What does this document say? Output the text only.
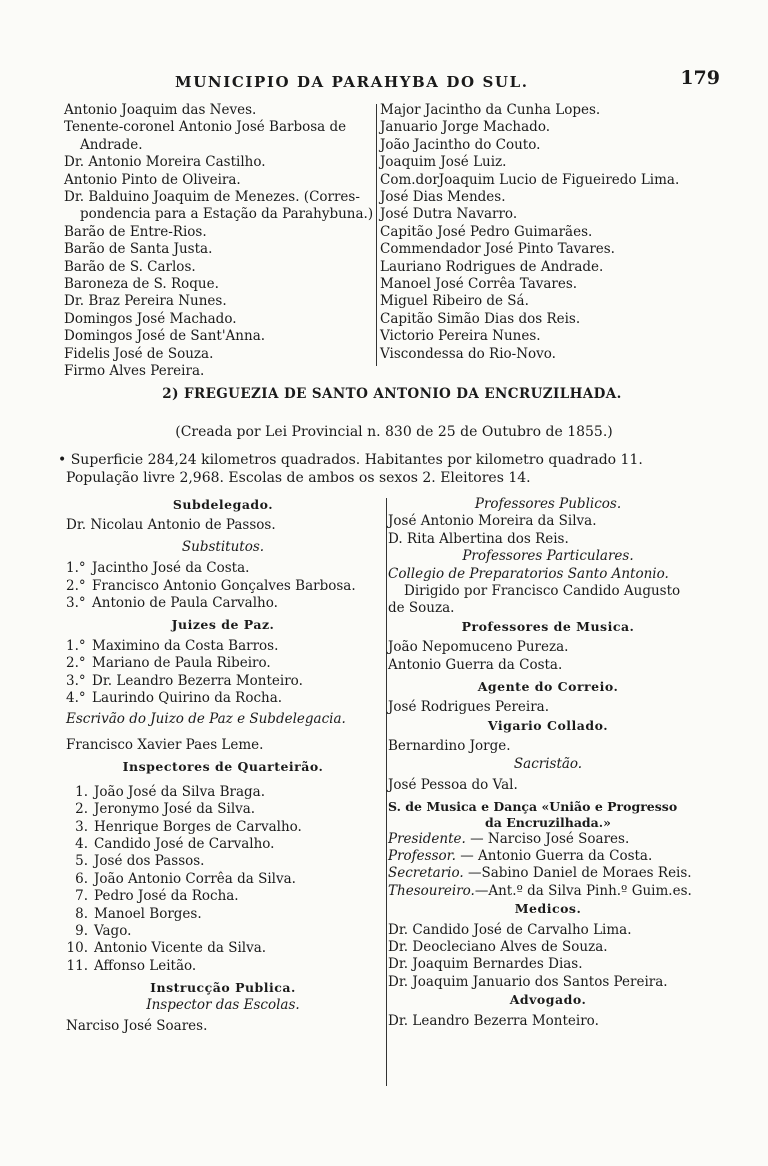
MUNICIPIO DA PARAHYBA DO SUL.	179
Antonio Joaquim das Neves.
Tenente-coronel Antonio José Barbosa de
Andrade.
Dr. Antonio Moreira Castilho.
Antonio Pinto de Oliveira.
Dr. Balduino Joaquim de Menezes. (Corres-
pondencia para a Estação da Parahybuna.)
Barão de Entre-Rios.
Barão de Santa Justa.
Barão de S. Carlos.
Baroneza de S. Roque.
Dr. Braz Pereira Nunes.
Domingos José Machado.
Domingos José de Sant'Anna.
Fidelis José de Souza.
Firmo Alves Pereira.
Major Jacintho da Cunha Lopes.
Januario Jorge Machado.
João Jacintho do Couto.
Joaquim José Luiz.
Com.dorJoaquim Lucio de Figueiredo Lima.
José Dias Mendes.
José Dutra Navarro.
Capitão José Pedro Guimarães.
Commendador José Pinto Tavares.
Lauriano Rodrigues de Andrade.
Manoel José Corrêa Tavares.
Miguel Ribeiro de Sá.
Capitão Simão Dias dos Reis.
Victorio Pereira Nunes.
Viscondessa do Rio-Novo.
2) FREGUEZIA DE SANTO ANTONIO DA ENCRUZILHADA.
(Creada por Lei Provincial n. 830 de 25 de Outubro de 1855.)
• Superficie 284,24 kilometros quadrados. Habitantes por kilometro quadrado 11.
População livre 2,968. Escolas de ambos os sexos 2. Eleitores 14.
Subdelegado.
Dr. Nicolau Antonio de Passos.
Substitutos.
1.° Jacintho José da Costa.
2.° Francisco Antonio Gonçalves Barbosa.
3.° Antonio de Paula Carvalho.
Juizes de Paz.
1.° Maximino da Costa Barros.
2.° Mariano de Paula Ribeiro.
3.° Dr. Leandro Bezerra Monteiro.
4.° Laurindo Quirino da Rocha.
Escrivão do Juizo de Paz e Subdelegacia.
Francisco Xavier Paes Leme.
Inspectores de Quarteirão.
1. João José da Silva Braga.
2. Jeronymo José da Silva.
3. Henrique Borges de Carvalho.
4. Candido José de Carvalho.
5. José dos Passos.
6. João Antonio Corrêa da Silva.
7. Pedro José da Rocha.
8. Manoel Borges.
9. Vago.
10. Antonio Vicente da Silva.
11. Affonso Leitão.
Instrucção Publica.
Inspector das Escolas.
Narciso José Soares.
Professores Publicos.
José Antonio Moreira da Silva.
D. Rita Albertina dos Reis.
Professores Particulares.
Collegio de Preparatorios Santo Antonio.
Dirigido por Francisco Candido Augusto
de Souza.
Professores de Musica.
João Nepomuceno Pureza.
Antonio Guerra da Costa.
Agente do Correio.
José Rodrigues Pereira.
Vigario Collado.
Bernardino Jorge.
Sacristão.
José Pessoa do Val.
S. de Musica e Dança «União e Progresso
da Encruzilhada.»
Presidente. — Narciso José Soares.
Professor. — Antonio Guerra da Costa.
Secretario. —Sabino Daniel de Moraes Reis.
Thesoureiro.—Ant.º da Silva Pinh.º Guim.es.
Medicos.
Dr. Candido José de Carvalho Lima.
Dr. Deocleciano Alves de Souza.
Dr. Joaquim Bernardes Dias.
Dr. Joaquim Januario dos Santos Pereira.
Advogado.
Dr. Leandro Bezerra Monteiro.
